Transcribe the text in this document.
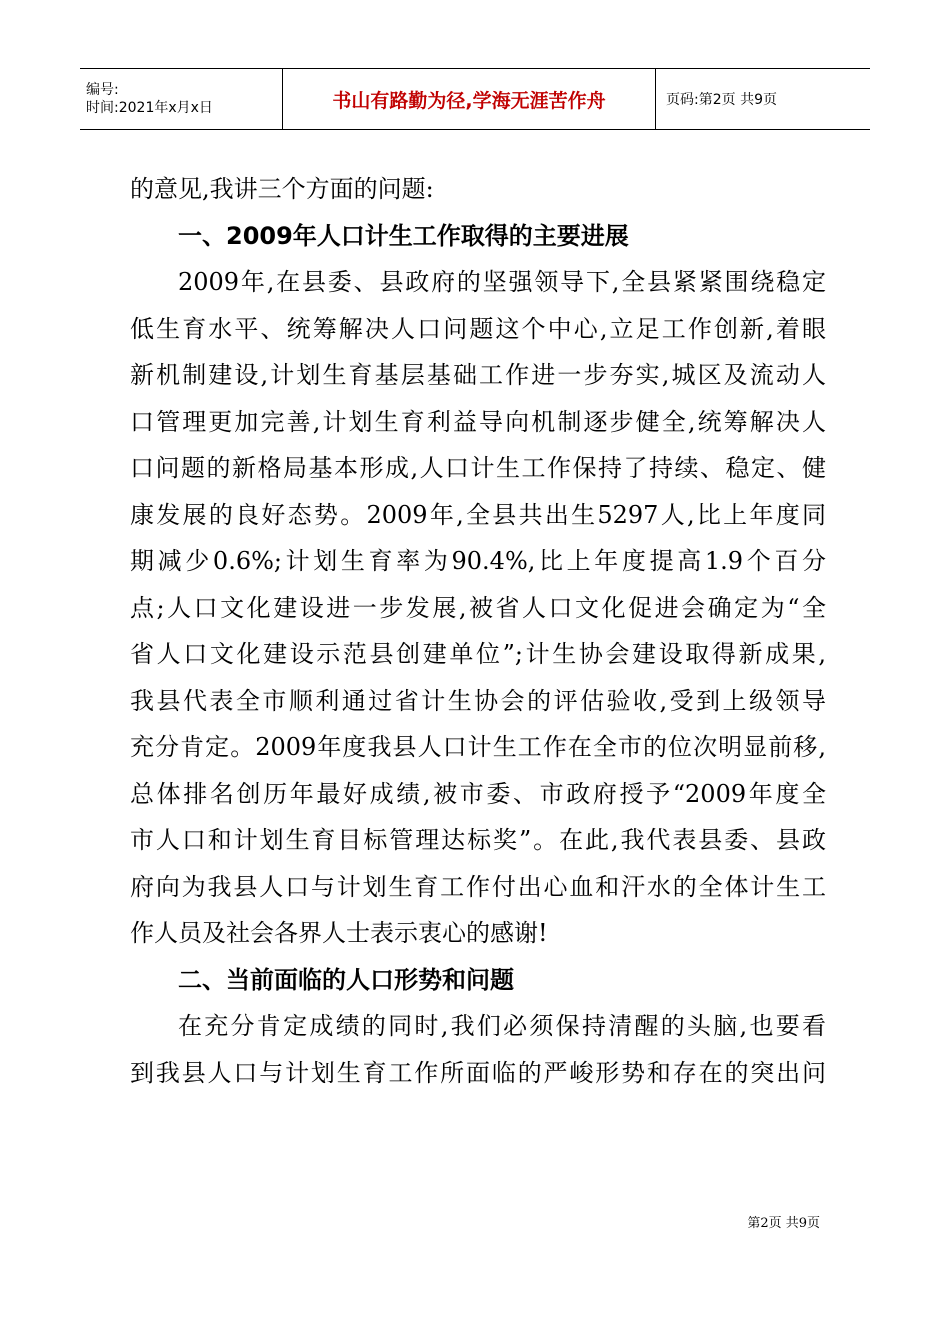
编号:
时间:2021年x月x日	书山有路勤为径,学海无涯苦作舟	页码:第2页 共9页
的意见,我讲三个方面的问题:
一、2009年人口计生工作取得的主要进展
2009年,在县委、县政府的坚强领导下,全县紧紧围绕稳定
低生育水平、统筹解决人口问题这个中心,立足工作创新,着眼
新机制建设,计划生育基层基础工作进一步夯实,城区及流动人
口管理更加完善,计划生育利益导向机制逐步健全,统筹解决人
口问题的新格局基本形成,人口计生工作保持了持续、稳定、健
康发展的良好态势。2009年,全县共出生5297人,比上年度同
期减少0.6%;计划生育率为90.4%,比上年度提高1.9个百分
点;人口文化建设进一步发展,被省人口文化促进会确定为“全
省人口文化建设示范县创建单位”;计生协会建设取得新成果,
我县代表全市顺利通过省计生协会的评估验收,受到上级领导
充分肯定。2009年度我县人口计生工作在全市的位次明显前移,
总体排名创历年最好成绩,被市委、市政府授予“2009年度全
市人口和计划生育目标管理达标奖”。在此,我代表县委、县政
府向为我县人口与计划生育工作付出心血和汗水的全体计生工
作人员及社会各界人士表示衷心的感谢!
二、当前面临的人口形势和问题
在充分肯定成绩的同时,我们必须保持清醒的头脑,也要看
到我县人口与计划生育工作所面临的严峻形势和存在的突出问
第2页 共9页
